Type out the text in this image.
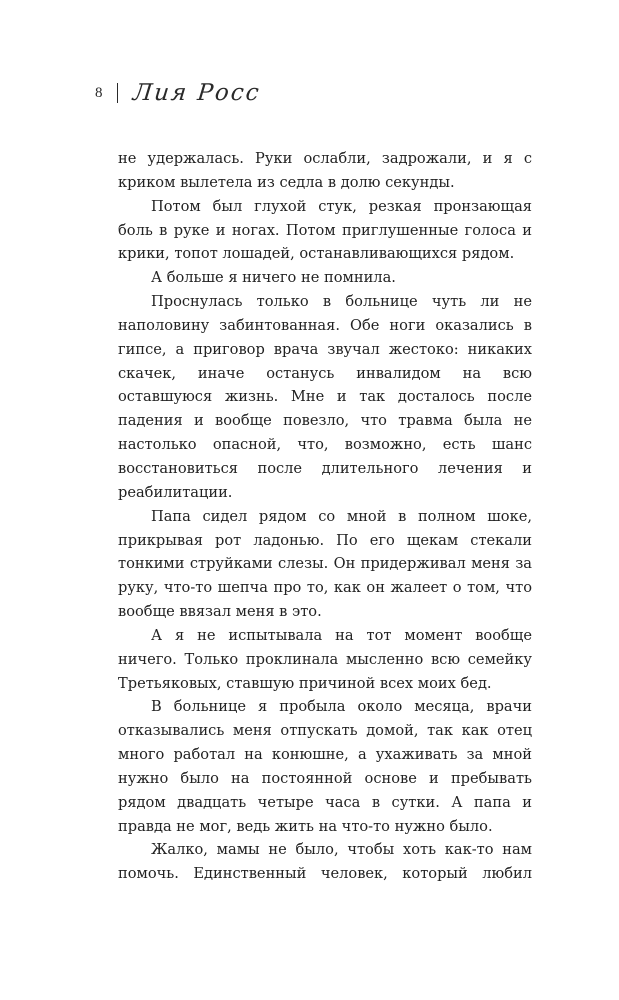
8 Лия Росс

не удержалась. Руки ослабли, задрожали, и я с криком вылетела из седла в долю секунды.

Потом был глухой стук, резкая пронзающая боль в руке и ногах. Потом приглушенные голоса и крики, топот лошадей, останавливающихся рядом.

А больше я ничего не помнила.

Проснулась только в больнице чуть ли не наполовину забинтованная. Обе ноги оказались в гипсе, а приговор врача звучал жестоко: никаких скачек, иначе останусь инвалидом на всю оставшуюся жизнь. Мне и так досталось после падения и вообще повезло, что травма была не настолько опасной, что, возможно, есть шанс восстановиться после длительного лечения и реабилитации.

Папа сидел рядом со мной в полном шоке, прикрывая рот ладонью. По его щекам стекали тонкими струйками слезы. Он придерживал меня за руку, что-то шепча про то, как он жалеет о том, что вообще ввязал меня в это.

А я не испытывала на тот момент вообще ничего. Только проклинала мысленно всю семейку Третьяковых, ставшую причиной всех моих бед.

В больнице я пробыла около месяца, врачи отказывались меня отпускать домой, так как отец много работал на конюшне, а ухаживать за мной нужно было на постоянной основе и пребывать рядом двадцать четыре часа в сутки. А папа и правда не мог, ведь жить на что-то нужно было.

Жалко, мамы не было, чтобы хоть как-то нам помочь. Единственный человек, который любил
